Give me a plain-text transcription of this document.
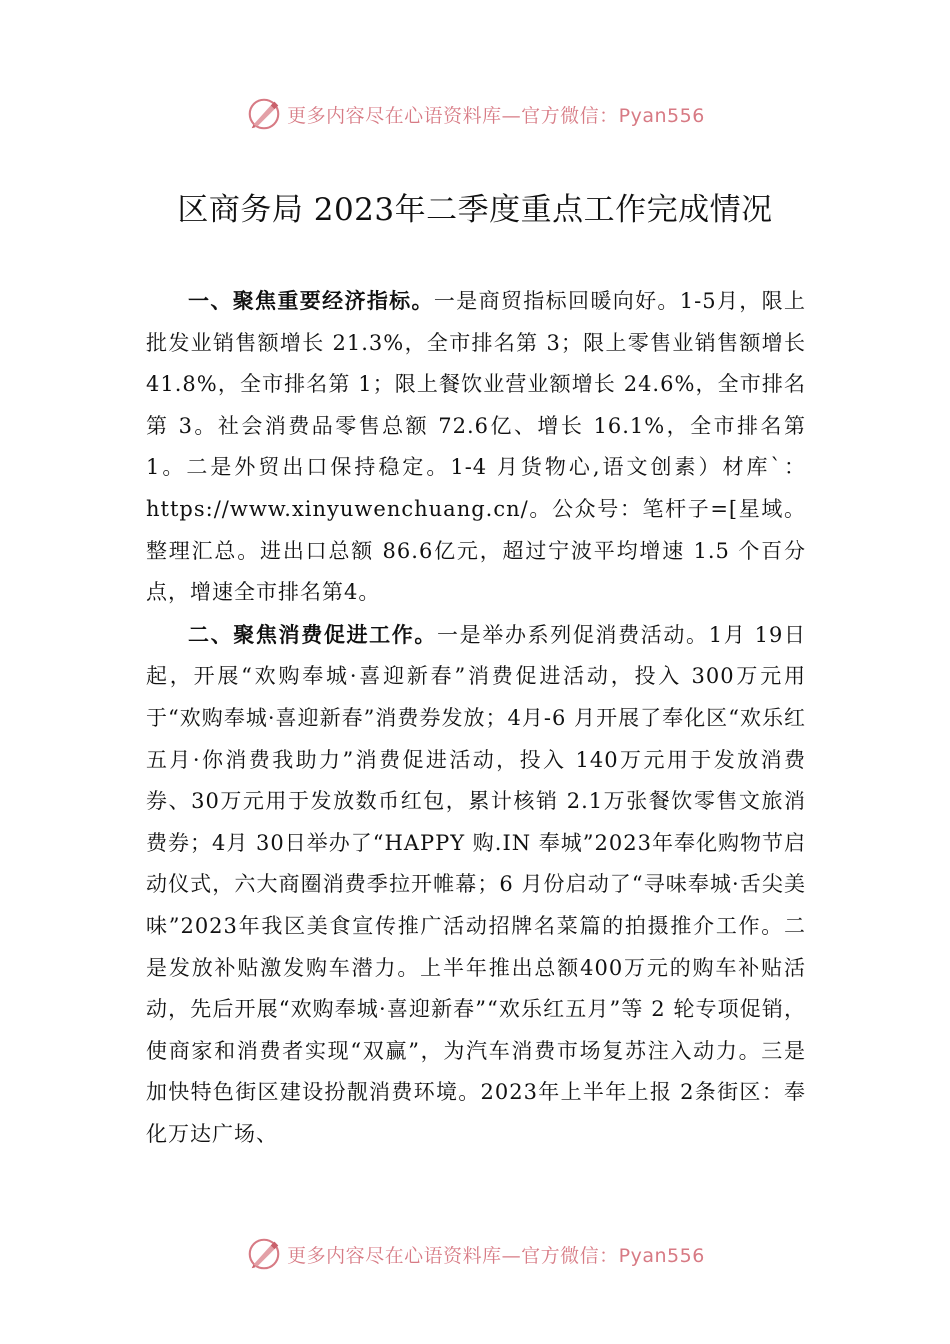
更多内容尽在心语资料库—官方微信：Pyan556
区商务局 2023年二季度重点工作完成情况

一、聚焦重要经济指标。一是商贸指标回暖向好。1-5月，限上批发业销售额增长 21.3%，全市排名第 3；限上零售业销售额增长 41.8%，全市排名第 1；限上餐饮业营业额增长 24.6%，全市排名第 3。社会消费品零售总额 72.6亿、增长 16.1%，全市排名第 1。二是外贸出口保持稳定。1-4 月货物心,语文创素）材库`：https://www.xinyuwenchuang.cn/。公众号：笔杆子=[星域。整理汇总。进出口总额 86.6亿元，超过宁波平均增速 1.5 个百分点，增速全市排名第4。

二、聚焦消费促进工作。一是举办系列促消费活动。1月 19日起，开展“欢购奉城·喜迎新春”消费促进活动，投入 300万元用于“欢购奉城·喜迎新春”消费券发放；4月-6 月开展了奉化区“欢乐红五月·你消费我助力”消费促进活动，投入 140万元用于发放消费券、30万元用于发放数币红包，累计核销 2.1万张餐饮零售文旅消费券；4月 30日举办了“HAPPY 购.IN 奉城”2023年奉化购物节启动仪式，六大商圈消费季拉开帷幕；6 月份启动了“寻味奉城·舌尖美味”2023年我区美食宣传推广活动招牌名菜篇的拍摄推介工作。二是发放补贴激发购车潜力。上半年推出总额400万元的购车补贴活动，先后开展“欢购奉城·喜迎新春”“欢乐红五月”等 2 轮专项促销，使商家和消费者实现“双赢”，为汽车消费市场复苏注入动力。三是加快特色街区建设扮靓消费环境。2023年上半年上报 2条街区：奉化万达广场、

更多内容尽在心语资料库—官方微信：Pyan556
